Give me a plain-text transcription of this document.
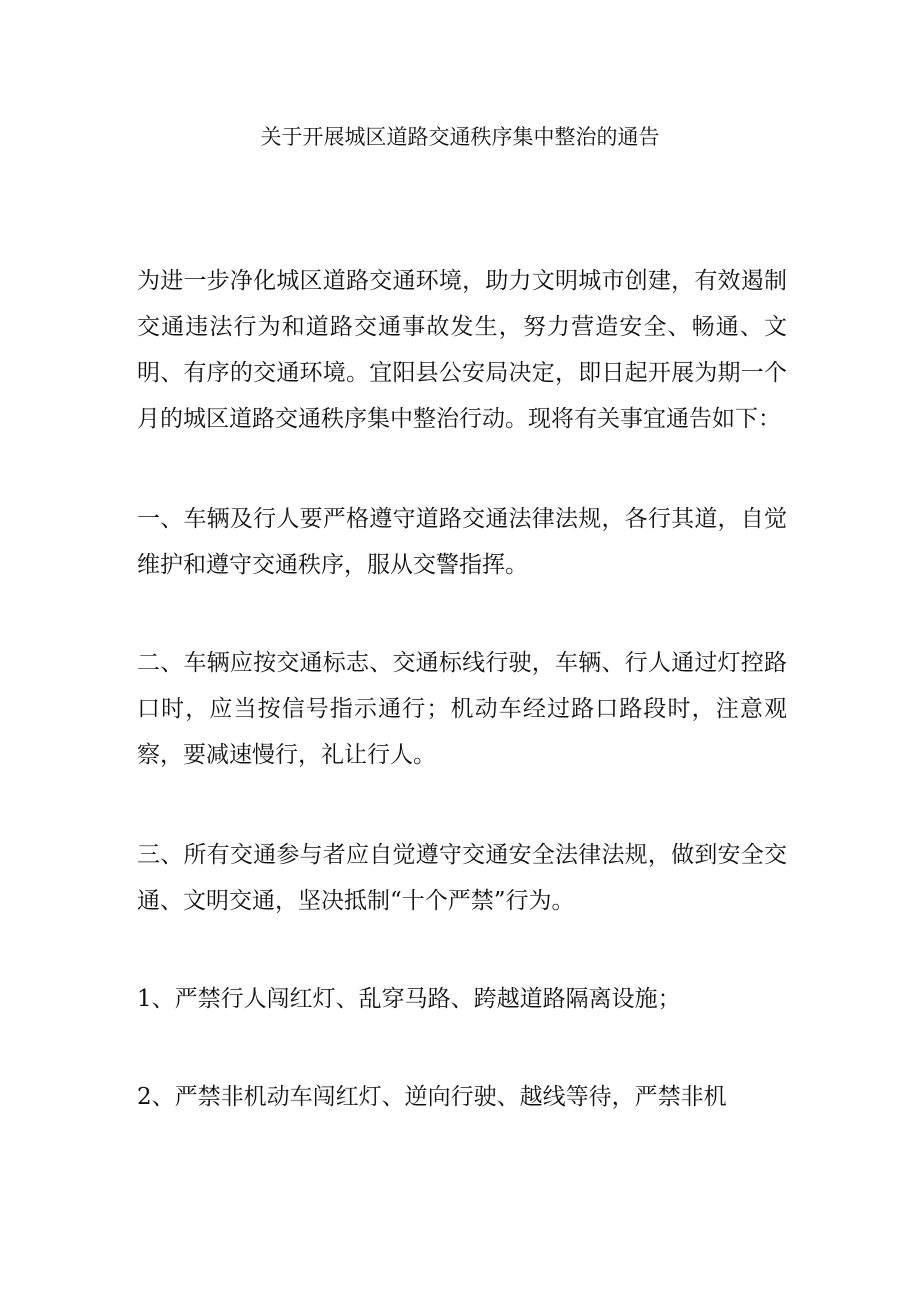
关于开展城区道路交通秩序集中整治的通告

为进一步净化城区道路交通环境，助力文明城市创建，有效遏制交通违法行为和道路交通事故发生，努力营造安全、畅通、文明、有序的交通环境。宜阳县公安局决定，即日起开展为期一个月的城区道路交通秩序集中整治行动。现将有关事宜通告如下：

一、车辆及行人要严格遵守道路交通法律法规，各行其道，自觉维护和遵守交通秩序，服从交警指挥。

二、车辆应按交通标志、交通标线行驶，车辆、行人通过灯控路口时，应当按信号指示通行；机动车经过路口路段时，注意观察，要减速慢行，礼让行人。

三、所有交通参与者应自觉遵守交通安全法律法规，做到安全交通、文明交通，坚决抵制“十个严禁”行为。

1、严禁行人闯红灯、乱穿马路、跨越道路隔离设施；

2、严禁非机动车闯红灯、逆向行驶、越线等待，严禁非机
